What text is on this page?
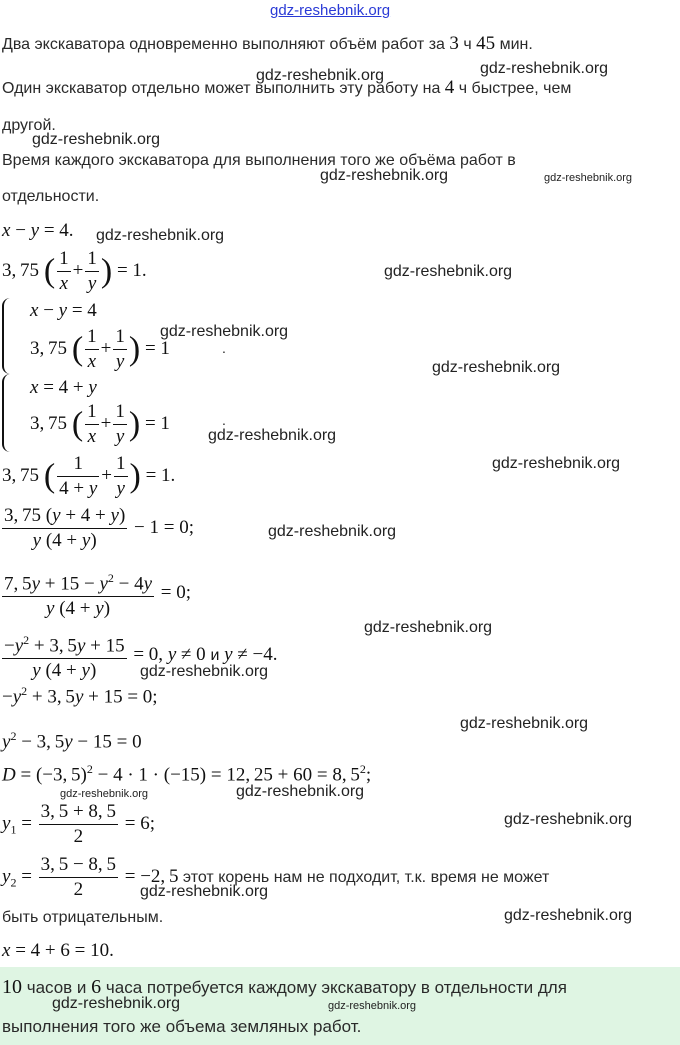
gdz-reshebnik.org
Два экскаватора одновременно выполняют объём работ за 3 ч 45 мин.
Один экскаватор отдельно может выполнить эту работу на 4 ч быстрее, чем
другой.
Время каждого экскаватора для выполнения того же объёма работ в
отдельности.
x − y = 4.
3, 75 ( $\frac{1}{x} + \frac{1}{y}$ ) = 1.
x − y = 4
3, 75 ( $\frac{1}{x} + \frac{1}{y}$ ) = 1	.
x = 4 + y
3, 75 ( $\frac{1}{x} + \frac{1}{y}$ ) = 1	.
3, 75 ( $\frac{1}{4 + y} + \frac{1}{y}$ ) = 1.
$\frac{3, 75 (y + 4 + y)}{y (4 + y)} - 1 = 0$;
$\frac{7, 5y + 15 - y^2 - 4y}{y (4 + y)} = 0$;
$\frac{-y^2 + 3, 5y + 15}{y (4 + y)} = 0$, y ≠ 0 и y ≠ −4.
$-y^2 + 3$, 5y + 15 = 0;
$y^2 - 3$, 5y − 15 = 0
D = (−3, 5)$^2$ − 4 · 1 · (−15) = 12, 25 + 60 = 8, $5^2$;
$y_1 = \frac{3, 5 + 8, 5}{2} = 6$;
$y_2 = \frac{3, 5 - 8, 5}{2} = -2$, 5 этот корень нам не подходит, т.к. время не может
быть отрицательным.
x = 4 + 6 = 10.
10 часов и 6 часа потребуется каждому экскаватору в отдельности для
выполнения того же объема земляных работ.
gdz-reshebnik.org	gdz-reshebnik.org
gdz-reshebnik.org
gdz-reshebnik.org	gdz-reshebnik.org
gdz-reshebnik.org
gdz-reshebnik.org
gdz-reshebnik.org
gdz-reshebnik.org
gdz-reshebnik.org
gdz-reshebnik.org
gdz-reshebnik.org
gdz-reshebnik.org
gdz-reshebnik.org
gdz-reshebnik.org
gdz-reshebnik.org	gdz-reshebnik.org
gdz-reshebnik.org
gdz-reshebnik.org
gdz-reshebnik.org
gdz-reshebnik.org	gdz-reshebnik.org
